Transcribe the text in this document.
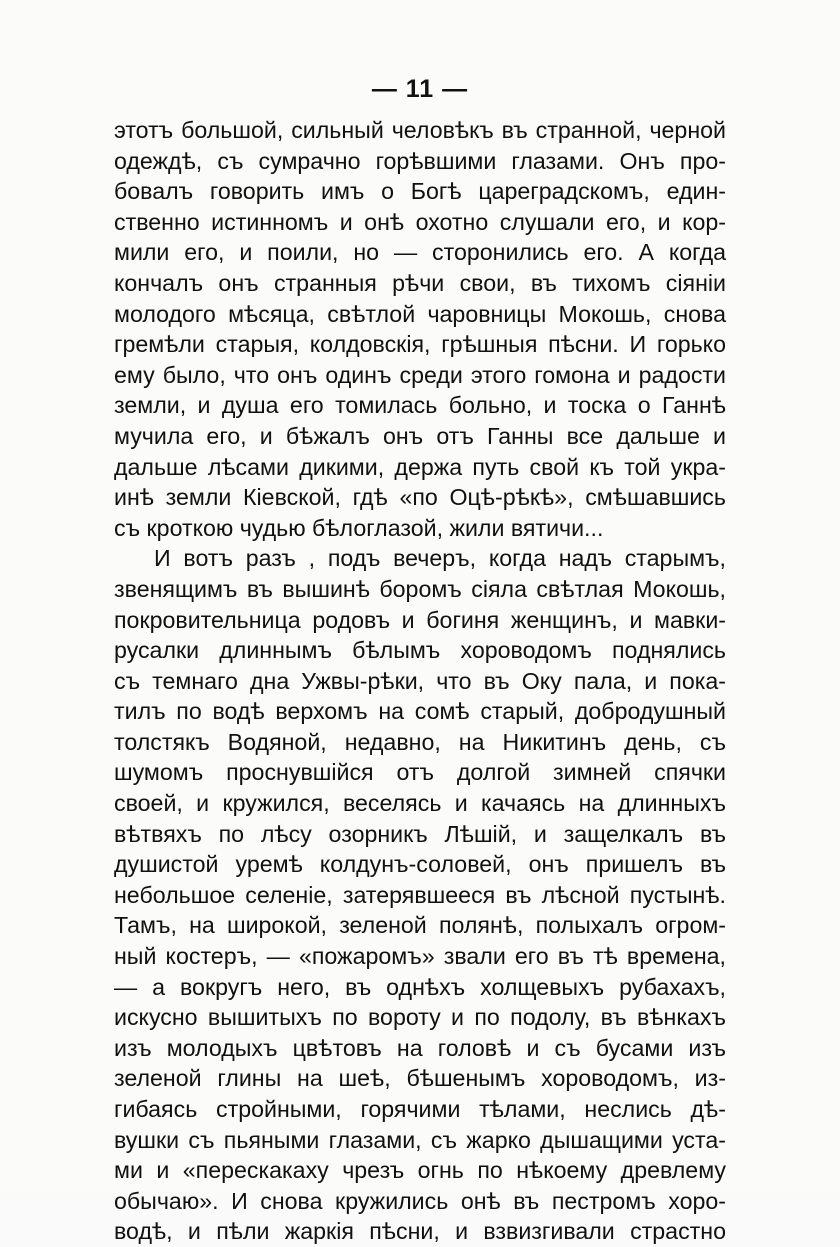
— 11 —
этотъ большой, сильный человѣкъ въ странной, черной
одеждѣ, съ сумрачно горѣвшими глазами. Онъ про-
бовалъ говорить имъ о Богѣ цареградскомъ, един-
ственно истинномъ и онѣ охотно слушали его, и кор-
мили его, и поили, но — сторонились его. А когда
кончалъ онъ странныя рѣчи свои, въ тихомъ сіяніи
молодого мѣсяца, свѣтлой чаровницы Мокошь, снова
гремѣли старыя, колдовскія, грѣшныя пѣсни. И горько
ему было, что онъ одинъ среди этого гомона и радости
земли, и душа его томилась больно, и тоска о Ганнѣ
мучила его, и бѣжалъ онъ отъ Ганны все дальше и
дальше лѣсами дикими, держа путь свой къ той укра-
инѣ земли Кіевской, гдѣ «по Оцѣ-рѣкѣ», смѣшавшись
съ кроткою чудью бѣлоглазой, жили вятичи...
И вотъ разъ , подъ вечеръ, когда надъ старымъ,
звенящимъ въ вышинѣ боромъ сіяла свѣтлая Мокошь,
покровительница родовъ и богиня женщинъ, и мавки-
русалки длиннымъ бѣлымъ хороводомъ поднялись
съ темнаго дна Ужвы-рѣки, что въ Оку пала, и пока-
тилъ по водѣ верхомъ на сомѣ старый, добродушный
толстякъ Водяной, недавно, на Никитинъ день, съ
шумомъ проснувшійся отъ долгой зимней спячки
своей, и кружился, веселясь и качаясь на длинныхъ
вѣтвяхъ по лѣсу озорникъ Лѣшій, и защелкалъ въ
душистой уремѣ колдунъ-соловей, онъ пришелъ въ
небольшое селеніе, затерявшееся въ лѣсной пустынѣ.
Тамъ, на широкой, зеленой полянѣ, полыхалъ огром-
ный костеръ, — «пожаромъ» звали его въ тѣ времена,
— а вокругъ него, въ однѣхъ холщевыхъ рубахахъ,
искусно вышитыхъ по вороту и по подолу, въ вѣнкахъ
изъ молодыхъ цвѣтовъ на головѣ и съ бусами изъ
зеленой глины на шеѣ, бѣшенымъ хороводомъ, из-
гибаясь стройными, горячими тѣлами, неслись дѣ-
вушки съ пьяными глазами, съ жарко дышащими уста-
ми и «перескакаху чрезъ огнь по нѣкоему древлему
обычаю». И снова кружились онѣ въ пестромъ хоро-
водѣ, и пѣли жаркія пѣсни, и взвизгивали страстно
